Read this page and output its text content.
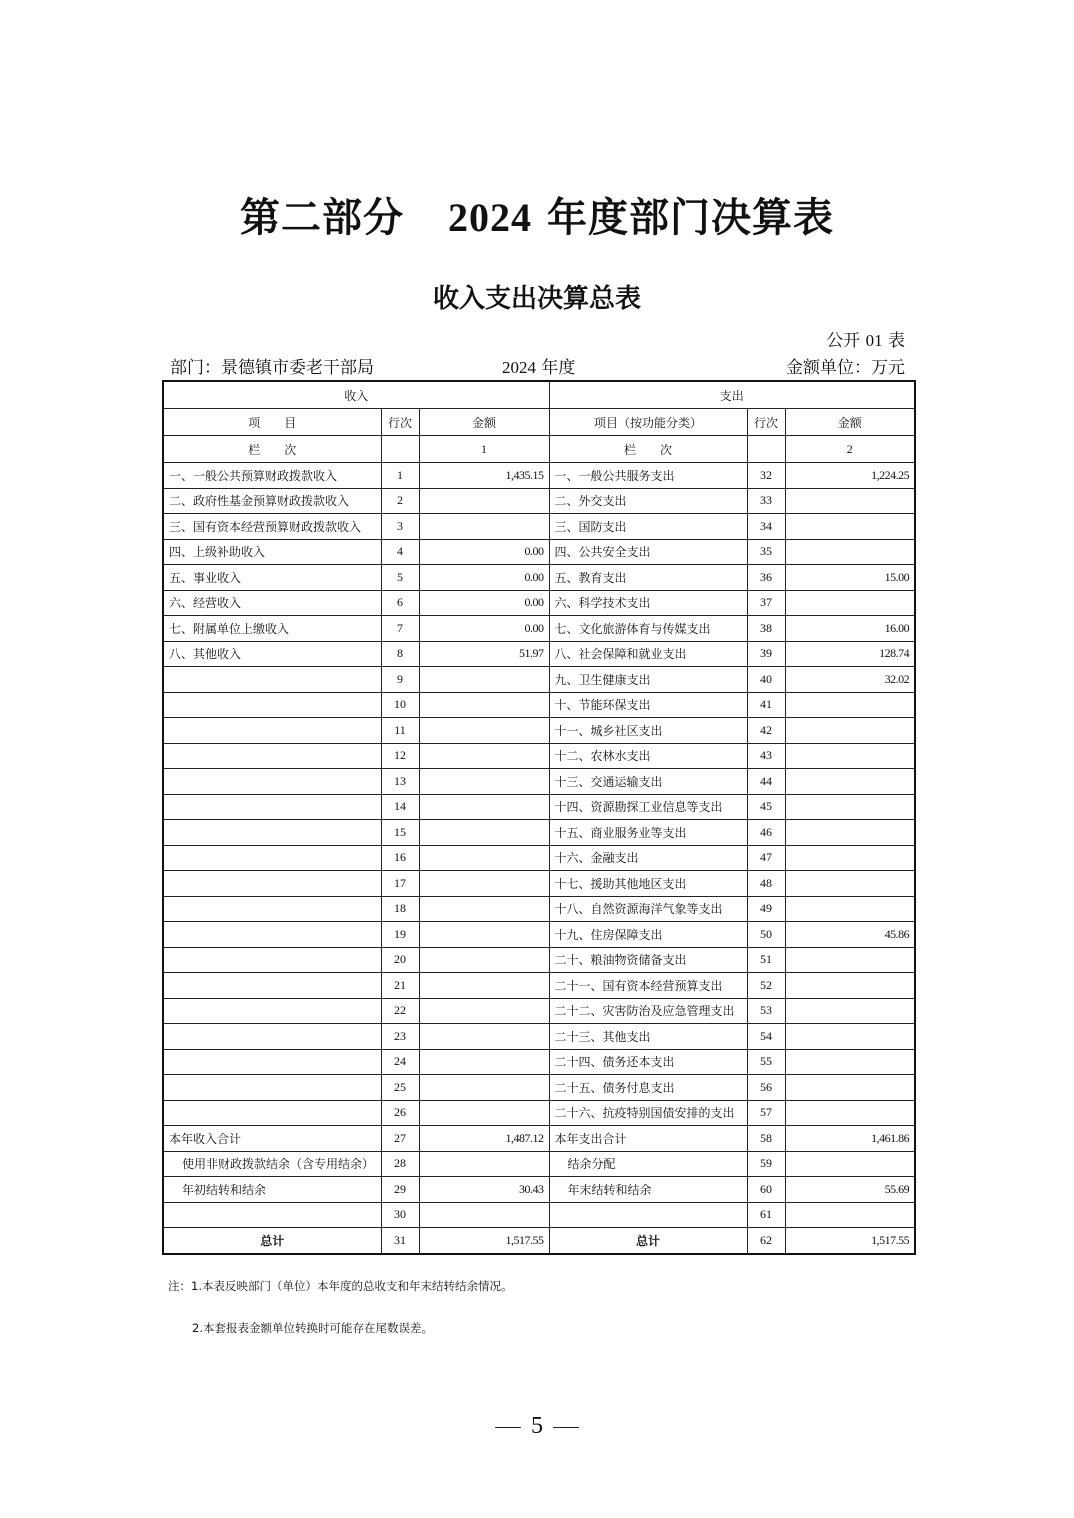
第二部分 2024 年度部门决算表
收入支出决算总表
公开 01 表
部门：景德镇市委老干部局	2024 年度	金额单位：万元
收入			支出		
项　　目	行次	金额	项目（按功能分类）	行次	金额
栏　　次		1	栏　　次		2
一、一般公共预算财政拨款收入	1	1,435.15	一、一般公共服务支出	32	1,224.25
二、政府性基金预算财政拨款收入	2		二、外交支出	33	
三、国有资本经营预算财政拨款收入	3		三、国防支出	34	
四、上级补助收入	4	0.00	四、公共安全支出	35	
五、事业收入	5	0.00	五、教育支出	36	15.00
六、经营收入	6	0.00	六、科学技术支出	37	
七、附属单位上缴收入	7	0.00	七、文化旅游体育与传媒支出	38	16.00
八、其他收入	8	51.97	八、社会保障和就业支出	39	128.74
	9		九、卫生健康支出	40	32.02
	10		十、节能环保支出	41	
	11		十一、城乡社区支出	42	
	12		十二、农林水支出	43	
	13		十三、交通运输支出	44	
	14		十四、资源勘探工业信息等支出	45	
	15		十五、商业服务业等支出	46	
	16		十六、金融支出	47	
	17		十七、援助其他地区支出	48	
	18		十八、自然资源海洋气象等支出	49	
	19		十九、住房保障支出	50	45.86
	20		二十、粮油物资储备支出	51	
	21		二十一、国有资本经营预算支出	52	
	22		二十二、灾害防治及应急管理支出	53	
	23		二十三、其他支出	54	
	24		二十四、债务还本支出	55	
	25		二十五、债务付息支出	56	
	26		二十六、抗疫特别国债安排的支出	57	
本年收入合计	27	1,487.12	本年支出合计	58	1,461.86
使用非财政拨款结余（含专用结余）	28		结余分配	59	
年初结转和结余	29	30.43	年末结转和结余	60	55.69
	30			61	
总计	31	1,517.55	总计	62	1,517.55
注：1.本表反映部门（单位）本年度的总收支和年末结转结余情况。
2.本套报表金额单位转换时可能存在尾数误差。
5
